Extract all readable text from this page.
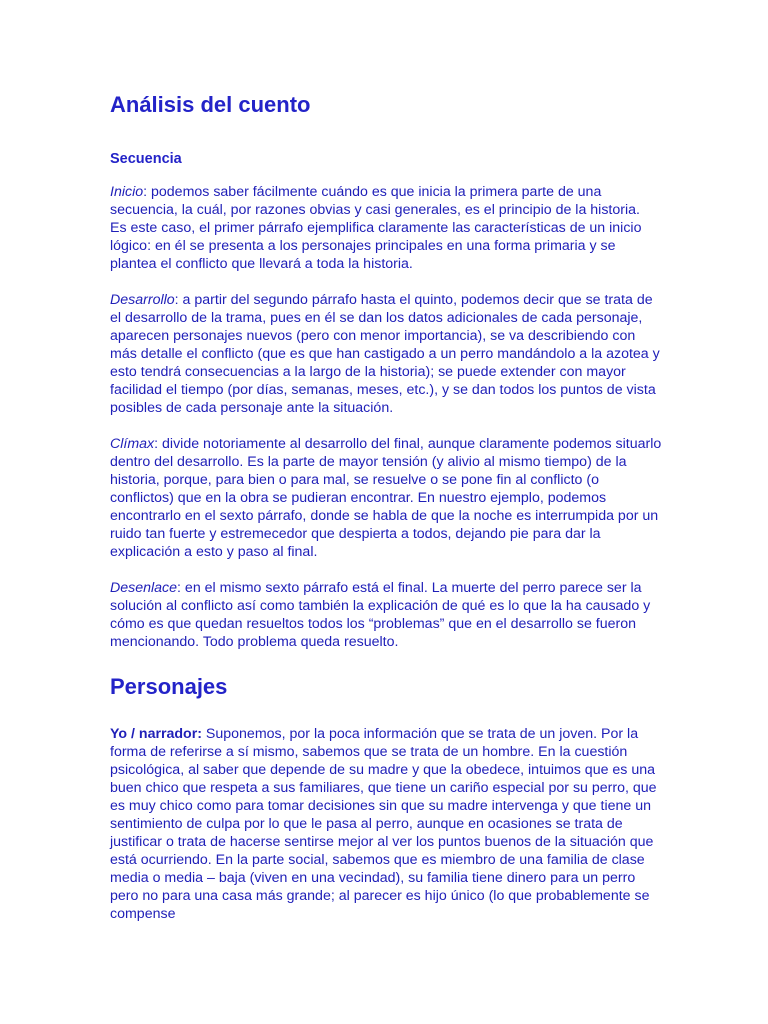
Análisis del cuento
Secuencia

Inicio: podemos saber fácilmente cuándo es que inicia la primera parte de una secuencia, la cuál, por razones obvias y casi generales, es el principio de la historia.

Es este caso, el primer párrafo ejemplifica claramente las características de un inicio lógico: en él se presenta a los personajes principales en una forma primaria y se plantea el conflicto que llevará a toda la historia.

Desarrollo: a partir del segundo párrafo hasta el quinto, podemos decir que se trata de el desarrollo de la trama, pues en él se dan los datos adicionales de cada personaje, aparecen personajes nuevos (pero con menor importancia), se va describiendo con más detalle el conflicto (que es que han castigado a un perro mandándolo a la azotea y esto tendrá consecuencias a la largo de la historia); se puede extender con mayor facilidad el tiempo (por días, semanas, meses, etc.), y se dan todos los puntos de vista posibles de cada personaje ante la situación.

Clímax: divide notoriamente al desarrollo del final, aunque claramente podemos situarlo dentro del desarrollo. Es la parte de mayor tensión (y alivio al mismo tiempo) de la historia, porque, para bien o para mal, se resuelve o se pone fin al conflicto (o conflictos) que en la obra se pudieran encontrar. En nuestro ejemplo, podemos encontrarlo en el sexto párrafo, donde se habla de que la noche es interrumpida por un ruido tan fuerte y estremecedor que despierta a todos, dejando pie para dar la explicación a esto y paso al final.

Desenlace: en el mismo sexto párrafo está el final. La muerte del perro parece ser la solución al conflicto así como también la explicación de qué es lo que la ha causado y cómo es que quedan resueltos todos los “problemas” que en el desarrollo se fueron mencionando. Todo problema queda resuelto.

Personajes

Yo / narrador: Suponemos, por la poca información que se trata de un joven. Por la forma de referirse a sí mismo, sabemos que se trata de un hombre. En la cuestión psicológica, al saber que depende de su madre y que la obedece, intuimos que es una buen chico que respeta a sus familiares, que tiene un cariño especial por su perro, que es muy chico como para tomar decisiones sin que su madre intervenga y que tiene un sentimiento de culpa por lo que le pasa al perro, aunque en ocasiones se trata de justificar o trata de hacerse sentirse mejor al ver los puntos buenos de la situación que está ocurriendo. En la parte social, sabemos que es miembro de una familia de clase media o media – baja (viven en una vecindad), su familia tiene dinero para un perro pero no para una casa más grande; al parecer es hijo único (lo que probablemente se compense
